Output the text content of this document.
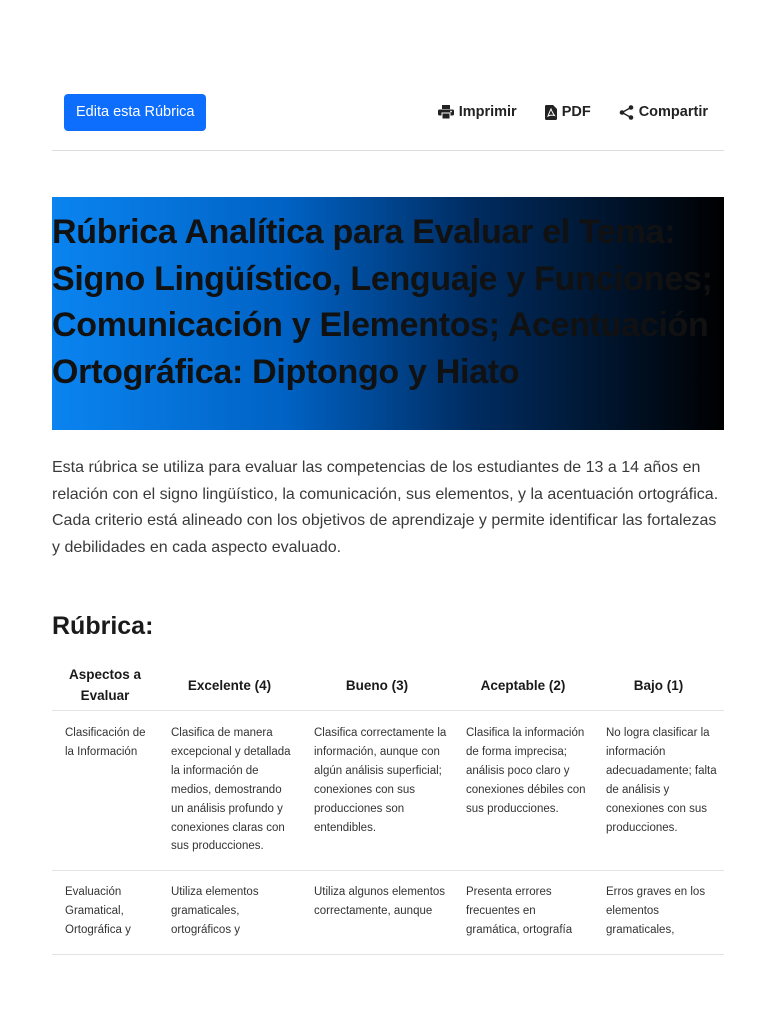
Edita esta Rúbrica	Imprimir	PDF	Compartir
Rúbrica Analítica para Evaluar el Tema: Signo Lingüístico, Lenguaje y Funciones; Comunicación y Elementos; Acentuación Ortográfica: Diptongo y Hiato

Esta rúbrica se utiliza para evaluar las competencias de los estudiantes de 13 a 14 años en relación con el signo lingüístico, la comunicación, sus elementos, y la acentuación ortográfica. Cada criterio está alineado con los objetivos de aprendizaje y permite identificar las fortalezas y debilidades en cada aspecto evaluado.

Rúbrica:
Aspectos a Evaluar	Excelente (4)	Bueno (3)	Aceptable (2)	Bajo (1)
Clasificación de la Información	Clasifica de manera excepcional y detallada la información de medios, demostrando un análisis profundo y conexiones claras con sus producciones.	Clasifica correctamente la información, aunque con algún análisis superficial; conexiones con sus producciones son entendibles.	Clasifica la información de forma imprecisa; análisis poco claro y conexiones débiles con sus producciones.	No logra clasificar la información adecuadamente; falta de análisis y conexiones con sus producciones.
Evaluación Gramatical, Ortográfica y	Utiliza elementos gramaticales, ortográficos y	Utiliza algunos elementos correctamente, aunque	Presenta errores frecuentes en gramática, ortografía	Erros graves en los elementos gramaticales,
